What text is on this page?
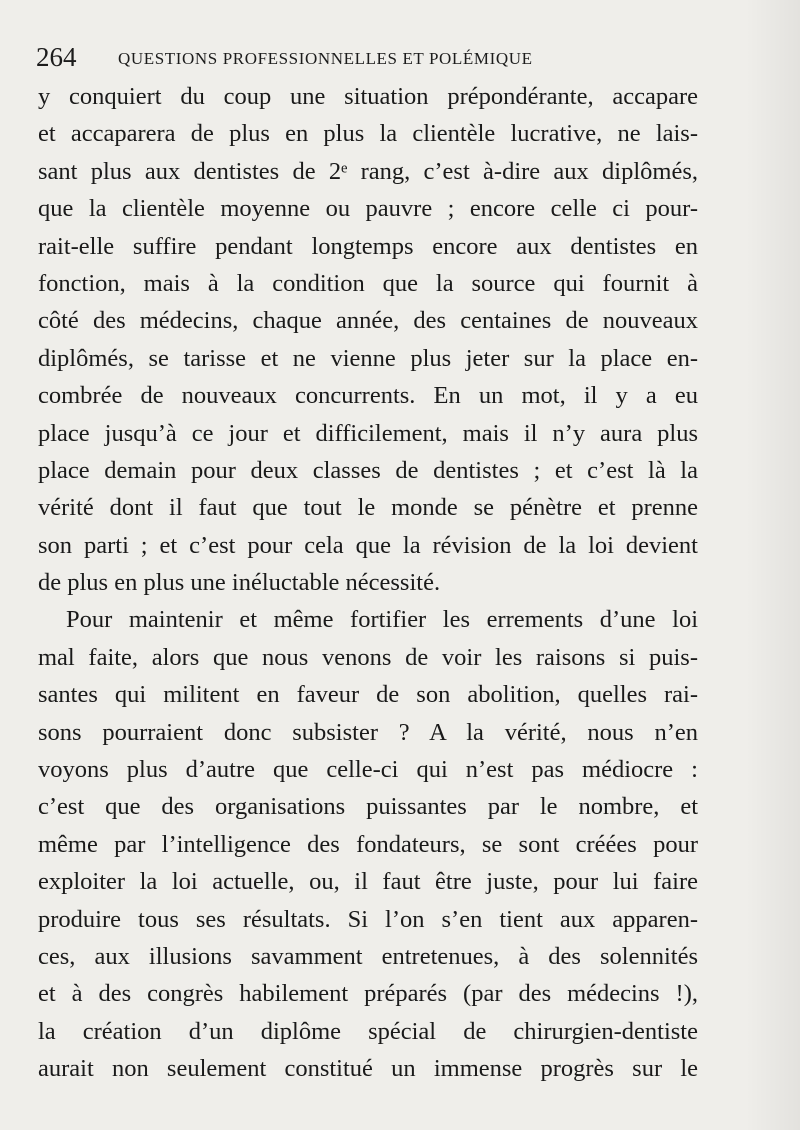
264 QUESTIONS PROFESSIONNELLES ET POLÉMIQUE
y conquiert du coup une situation prépondérante, accapare
et accaparera de plus en plus la clientèle lucrative, ne lais-
sant plus aux dentistes de 2ᵉ rang, c’est à-dire aux diplômés,
que la clientèle moyenne ou pauvre ; encore celle ci pour-
rait-elle suffire pendant longtemps encore aux dentistes en
fonction, mais à la condition que la source qui fournit à
côté des médecins, chaque année, des centaines de nouveaux
diplômés, se tarisse et ne vienne plus jeter sur la place en-
combrée de nouveaux concurrents. En un mot, il y a eu
place jusqu’à ce jour et difficilement, mais il n’y aura plus
place demain pour deux classes de dentistes ; et c’est là la
vérité dont il faut que tout le monde se pénètre et prenne
son parti ; et c’est pour cela que la révision de la loi devient
de plus en plus une inéluctable nécessité.
Pour maintenir et même fortifier les errements d’une loi
mal faite, alors que nous venons de voir les raisons si puis-
santes qui militent en faveur de son abolition, quelles rai-
sons pourraient donc subsister ? A la vérité, nous n’en
voyons plus d’autre que celle-ci qui n’est pas médiocre :
c’est que des organisations puissantes par le nombre, et
même par l’intelligence des fondateurs, se sont créées pour
exploiter la loi actuelle, ou, il faut être juste, pour lui faire
produire tous ses résultats. Si l’on s’en tient aux apparen-
ces, aux illusions savamment entretenues, à des solennités
et à des congrès habilement préparés (par des médecins !),
la création d’un diplôme spécial de chirurgien-dentiste
aurait non seulement constitué un immense progrès sur le
